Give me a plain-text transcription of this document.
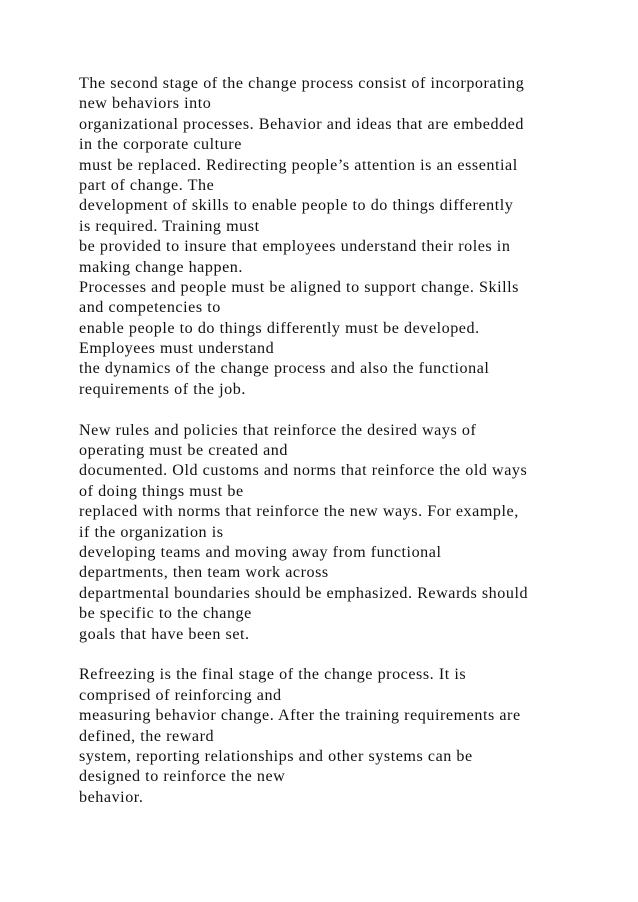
The second stage of the change process consist of incorporating
new behaviors into
organizational processes. Behavior and ideas that are embedded
in the corporate culture
must be replaced. Redirecting people’s attention is an essential
part of change. The
development of skills to enable people to do things differently
is required. Training must
be provided to insure that employees understand their roles in
making change happen.
Processes and people must be aligned to support change. Skills
and competencies to
enable people to do things differently must be developed.
Employees must understand
the dynamics of the change process and also the functional
requirements of the job.
New rules and policies that reinforce the desired ways of
operating must be created and
documented. Old customs and norms that reinforce the old ways
of doing things must be
replaced with norms that reinforce the new ways. For example,
if the organization is
developing teams and moving away from functional
departments, then team work across
departmental boundaries should be emphasized. Rewards should
be specific to the change
goals that have been set.
Refreezing is the final stage of the change process. It is
comprised of reinforcing and
measuring behavior change. After the training requirements are
defined, the reward
system, reporting relationships and other systems can be
designed to reinforce the new
behavior.
